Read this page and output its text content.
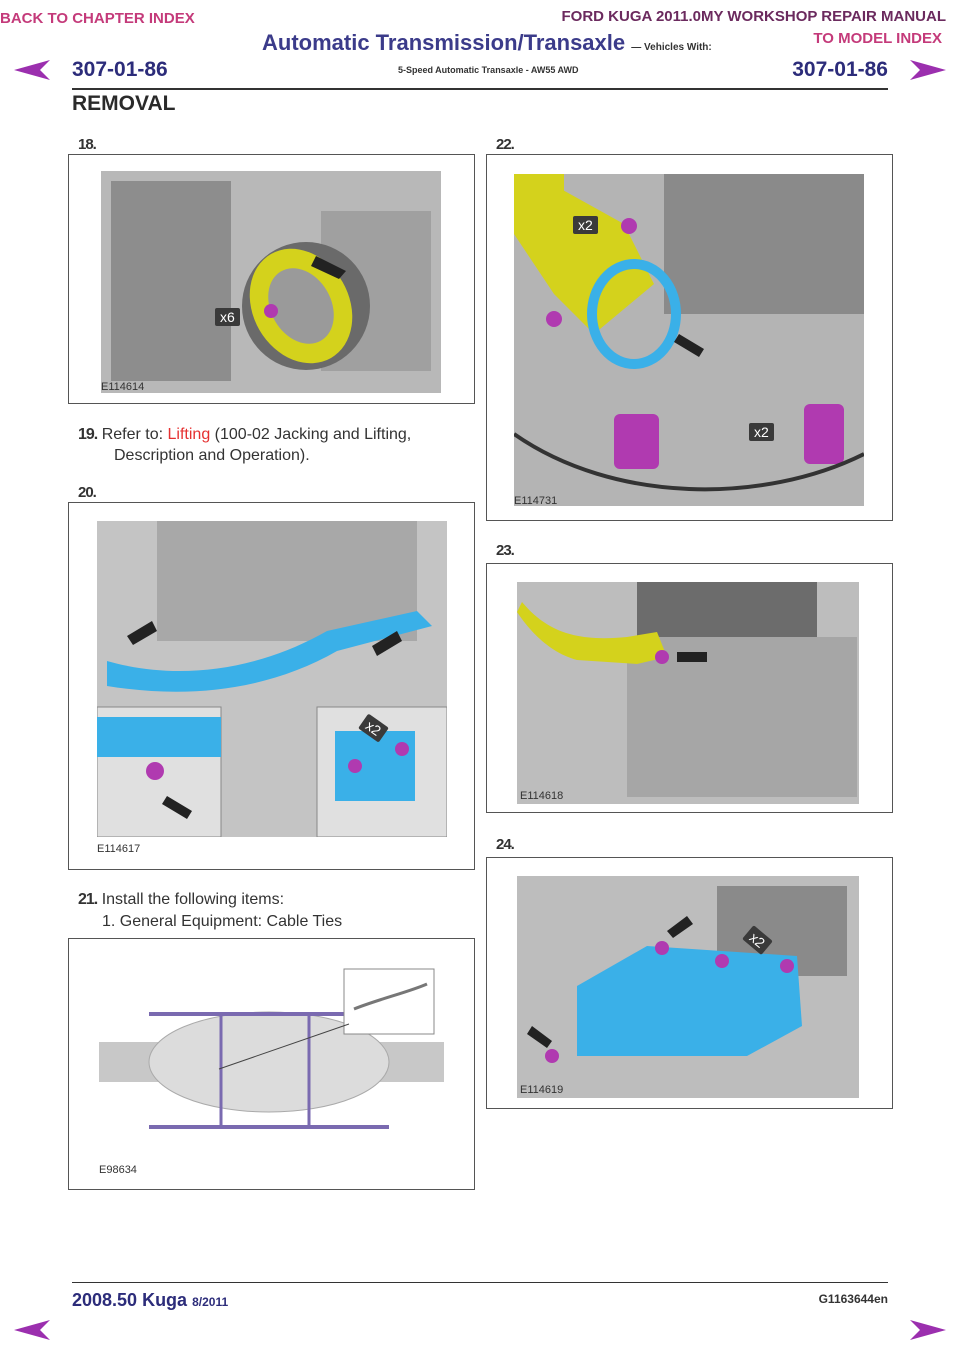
BACK TO CHAPTER INDEX	FORD KUGA 2011.0MY WORKSHOP REPAIR MANUAL
TO MODEL INDEX
Automatic Transmission/Transaxle — Vehicles With:
5-Speed Automatic Transaxle - AW55 AWD
307-01-86	307-01-86
REMOVAL
18.
x6
E114614
19. Refer to: Lifting (100-02 Jacking and Lifting,
Description and Operation).
20.
x2
E114617
21. Install the following items:
1. General Equipment: Cable Ties
E98634
22.
x2
x2
E114731
23.
E114618
24.
x2
E114619
2008.50 Kuga 8/2011	G1163644en
